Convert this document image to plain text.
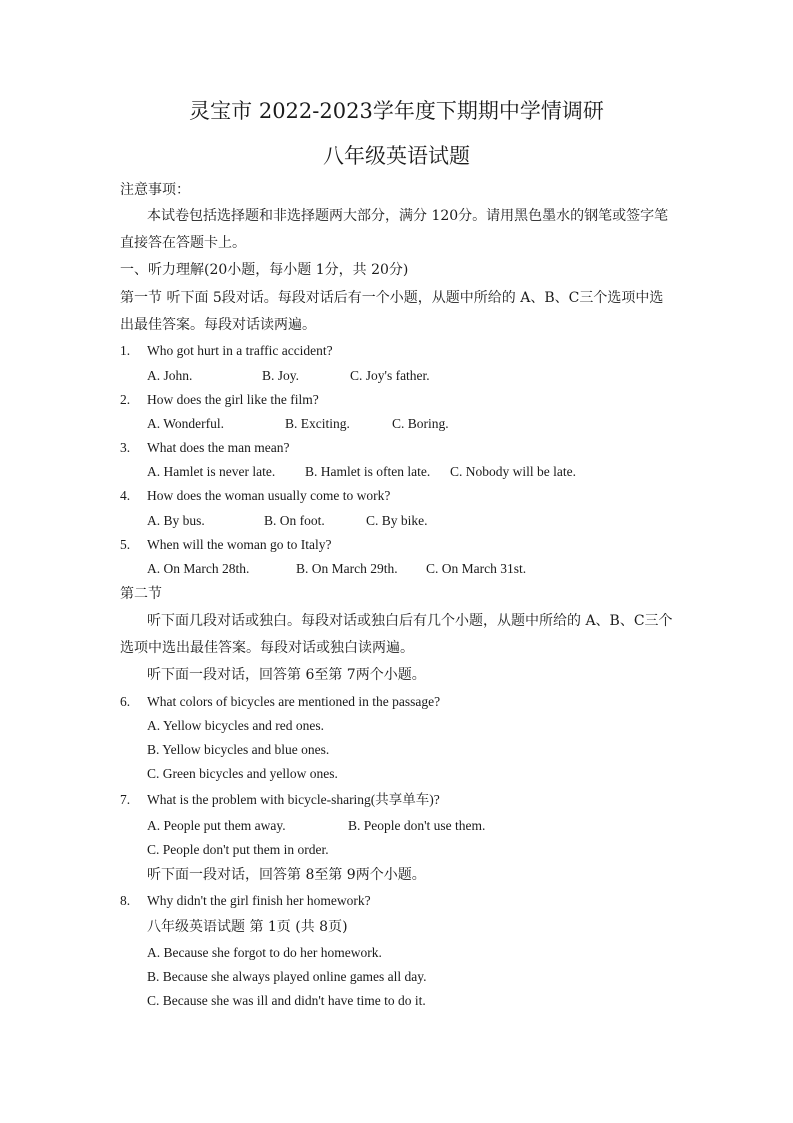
灵宝市 2022-2023学年度下期期中学情调研
八年级英语试题
注意事项：
本试卷包括选择题和非选择题两大部分，满分 120分。请用黑色墨水的钢笔或签字笔
直接答在答题卡上。
一、听力理解(20小题，每小题 1分，共 20分)
第一节 听下面 5段对话。每段对话后有一个小题，从题中所给的 A、B、C三个选项中选
出最佳答案。每段对话读两遍。
1. Who got hurt in a traffic accident?
A. John.	B. Joy.	C. Joy's father.
2. How does the girl like the film?
A. Wonderful.	B. Exciting.	C. Boring.
3. What does the man mean?
A. Hamlet is never late. B. Hamlet is often late. C. Nobody will be late.
4. How does the woman usually come to work?
A. By bus.	B. On foot.	C. By bike.
5. When will the woman go to Italy?
A. On March 28th.	B. On March 29th. C. On March 31st.
第二节
听下面几段对话或独白。每段对话或独白后有几个小题，从题中所给的 A、B、C三个
选项中选出最佳答案。每段对话或独白读两遍。
听下面一段对话，回答第 6至第 7两个小题。
6. What colors of bicycles are mentioned in the passage?
A. Yellow bicycles and red ones.
B. Yellow bicycles and blue ones.
C. Green bicycles and yellow ones.
7. What is the problem with bicycle-sharing(共享单车)?
A. People put them away.	B. People don't use them.
C. People don't put them in order.
听下面一段对话，回答第 8至第 9两个小题。
8. Why didn't the girl finish her homework?
八年级英语试题 第 1页 (共 8页)
A. Because she forgot to do her homework.
B. Because she always played online games all day.
C. Because she was ill and didn't have time to do it.
